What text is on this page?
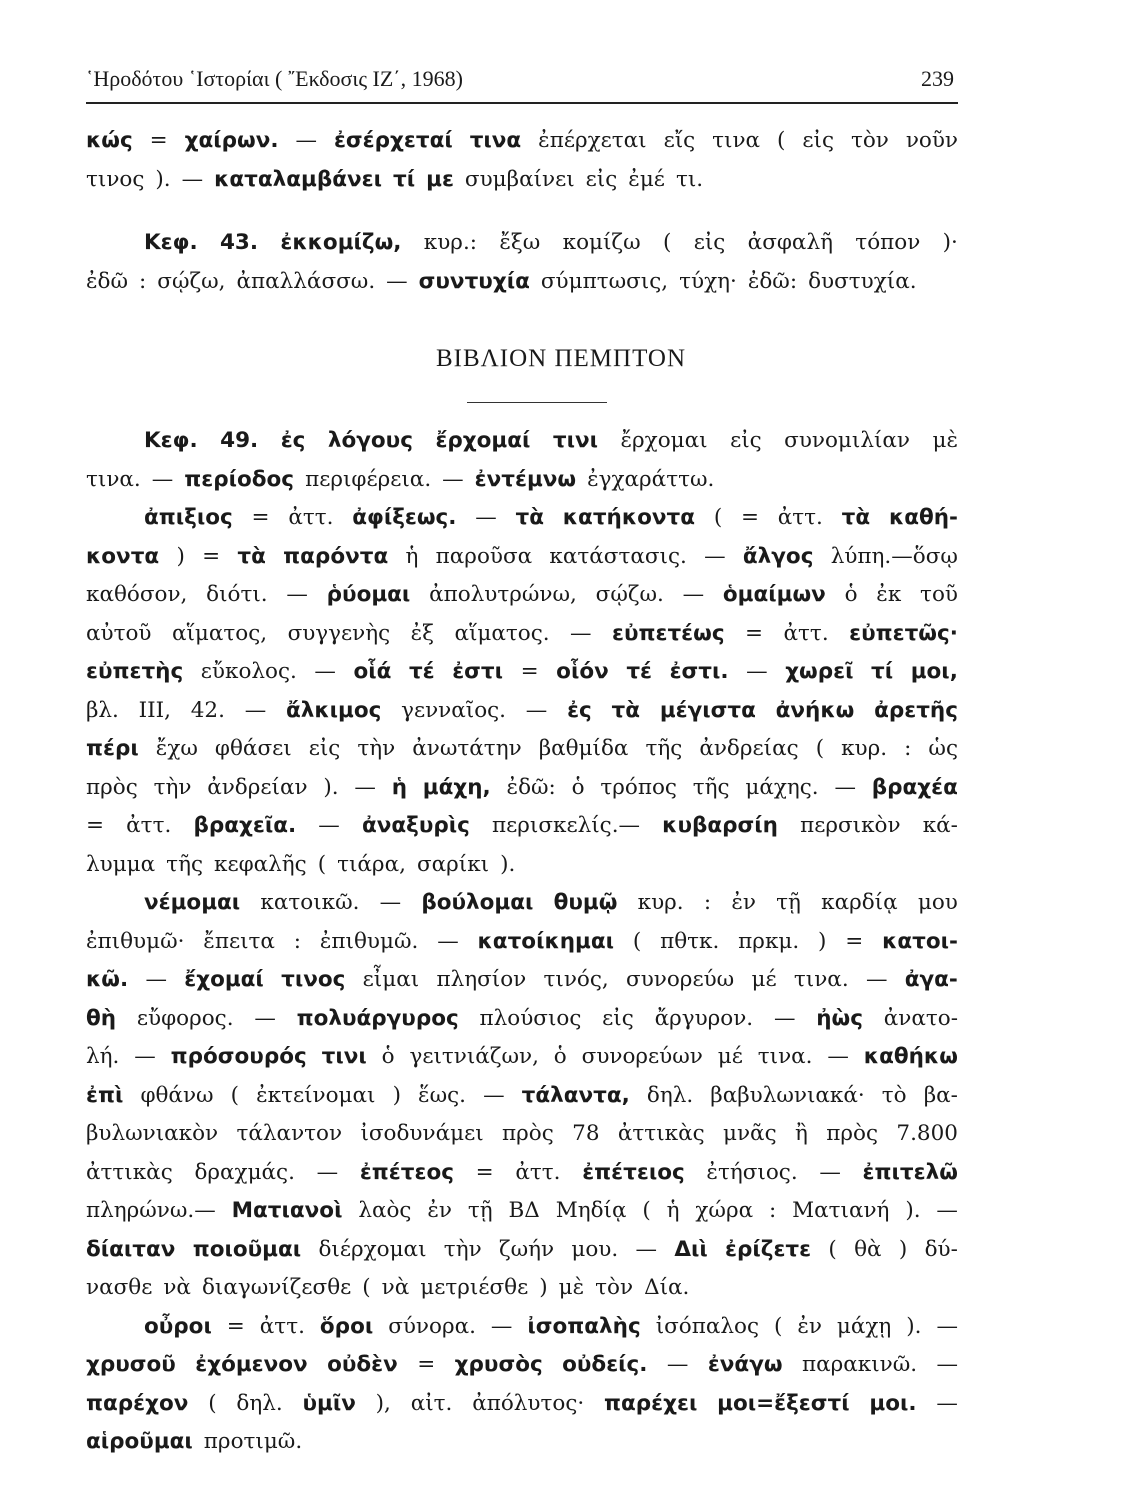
῾Ηροδότου ῾Ιστορίαι ( ῎Εκδοσις ΙΖ΄, 1968)	239
κώς = χαίρων. — ἐσέρχεταί τινα ἐπέρχεται εἴς τινα ( εἰς τὸν νοῦν
τινος ). — καταλαμβάνει τί με συμβαίνει εἰς ἐμέ τι.
Κεφ. 43. ἐκκομίζω, κυρ.: ἔξω κομίζω ( εἰς ἀσφαλῆ τόπον )·
ἐδῶ : σῴζω, ἀπαλλάσσω. — συντυχία σύμπτωσις, τύχη· ἐδῶ: δυστυχία.
ΒΙΒΛΙΟΝ ΠΕΜΠΤΟΝ
Κεφ. 49. ἐς λόγους ἔρχομαί τινι ἔρχομαι εἰς συνομιλίαν μὲ
τινα. — περίοδος περιφέρεια. — ἐντέμνω ἐγχαράττω.
ἀπιξιος = ἀττ. ἀφίξεως. — τὰ κατήκοντα ( = ἀττ. τὰ καθή-
κοντα ) = τὰ παρόντα ἡ παροῦσα κατάστασις. — ἄλγος λύπη.—ὅσῳ
καθόσον, διότι. — ῥύομαι ἀπολυτρώνω, σῴζω. — ὁμαίμων ὁ ἐκ τοῦ
αὐτοῦ αἵματος, συγγενὴς ἐξ αἵματος. — εὐπετέως = ἀττ. εὐπετῶς·
εὐπετὴς εὔκολος. — οἷά τέ ἐστι = οἷόν τέ ἐστι. — χωρεῖ τί μοι,
βλ. ΙΙΙ, 42. — ἄλκιμος γενναῖος. — ἐς τὰ μέγιστα ἀνήκω ἀρετῆς
πέρι ἔχω φθάσει εἰς τὴν ἀνωτάτην βαθμίδα τῆς ἀνδρείας ( κυρ. : ὡς
πρὸς τὴν ἀνδρείαν ). — ἡ μάχη, ἐδῶ: ὁ τρόπος τῆς μάχης. — βραχέα
= ἀττ. βραχεῖα. — ἀναξυρὶς περισκελίς.— κυβαρσίη περσικὸν κά-
λυμμα τῆς κεφαλῆς ( τιάρα, σαρίκι ).
νέμομαι κατοικῶ. — βούλομαι θυμῷ κυρ. : ἐν τῇ καρδίᾳ μου
ἐπιθυμῶ· ἔπειτα : ἐπιθυμῶ. — κατοίκημαι ( πθτκ. πρκμ. ) = κατοι-
κῶ. — ἔχομαί τινος εἶμαι πλησίον τινός, συνορεύω μέ τινα. — ἀγα-
θὴ εὔφορος. — πολυάργυρος πλούσιος εἰς ἄργυρον. — ἠὼς ἀνατο-
λή. — πρόσουρός τινι ὁ γειτνιάζων, ὁ συνορεύων μέ τινα. — καθήκω
ἐπὶ φθάνω ( ἐκτείνομαι ) ἕως. — τάλαντα, δηλ. βαβυλωνιακά· τὸ βα-
βυλωνιακὸν τάλαντον ἰσοδυνάμει πρὸς 78 ἀττικὰς μνᾶς ἢ πρὸς 7.800
ἀττικὰς δραχμάς. — ἐπέτεος = ἀττ. ἐπέτειος ἐτήσιος. — ἐπιτελῶ
πληρώνω.— Ματιανοὶ λαὸς ἐν τῇ ΒΔ Μηδίᾳ ( ἡ χώρα : Ματιανή ). —
δίαιταν ποιοῦμαι διέρχομαι τὴν ζωήν μου. — Διὶ ἐρίζετε ( θὰ ) δύ-
νασθε νὰ διαγωνίζεσθε ( νὰ μετριέσθε ) μὲ τὸν Δία.
οὖροι = ἀττ. ὅροι σύνορα. — ἰσοπαλὴς ἰσόπαλος ( ἐν μάχῃ ). —
χρυσοῦ ἐχόμενον οὐδὲν = χρυσὸς οὐδείς. — ἐνάγω παρακινῶ. —
παρέχον ( δηλ. ὑμῖν ), αἰτ. ἀπόλυτος· παρέχει μοι=ἔξεστί μοι. —
αἱροῦμαι προτιμῶ.
